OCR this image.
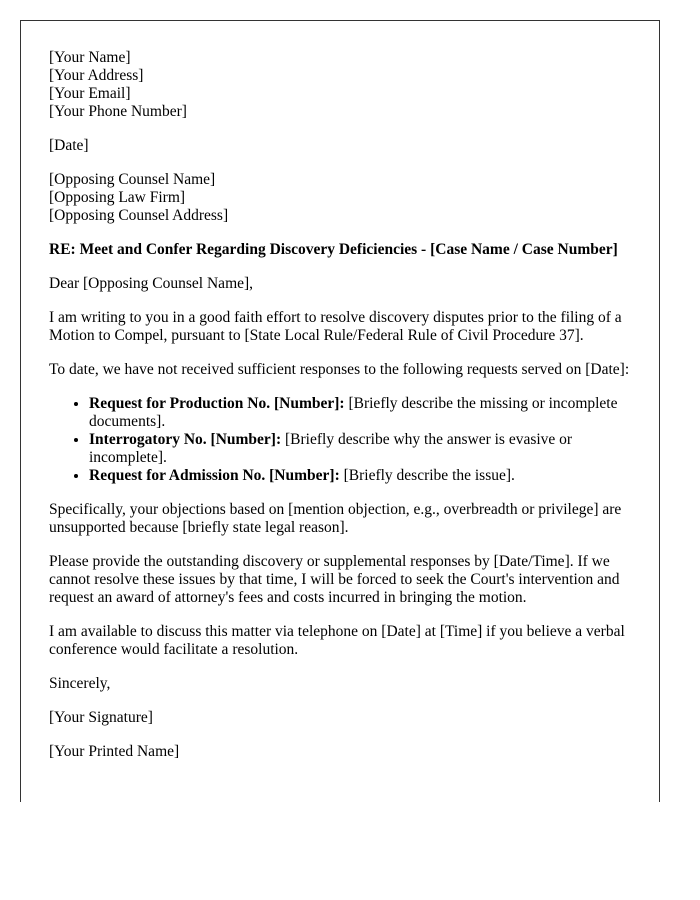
[Your Name]
[Your Address]
[Your Email]
[Your Phone Number]
[Date]
[Opposing Counsel Name]
[Opposing Law Firm]
[Opposing Counsel Address]

RE: Meet and Confer Regarding Discovery Deficiencies - [Case Name / Case Number]

Dear [Opposing Counsel Name],

I am writing to you in a good faith effort to resolve discovery disputes prior to the filing of a Motion to Compel, pursuant to [State Local Rule/Federal Rule of Civil Procedure 37].

To date, we have not received sufficient responses to the following requests served on [Date]:

• Request for Production No. [Number]: [Briefly describe the missing or incomplete documents].
• Interrogatory No. [Number]: [Briefly describe why the answer is evasive or incomplete].
• Request for Admission No. [Number]: [Briefly describe the issue].

Specifically, your objections based on [mention objection, e.g., overbreadth or privilege] are unsupported because [briefly state legal reason].

Please provide the outstanding discovery or supplemental responses by [Date/Time]. If we cannot resolve these issues by that time, I will be forced to seek the Court's intervention and request an award of attorney's fees and costs incurred in bringing the motion.

I am available to discuss this matter via telephone on [Date] at [Time] if you believe a verbal conference would facilitate a resolution.

Sincerely,

[Your Signature]

[Your Printed Name]
